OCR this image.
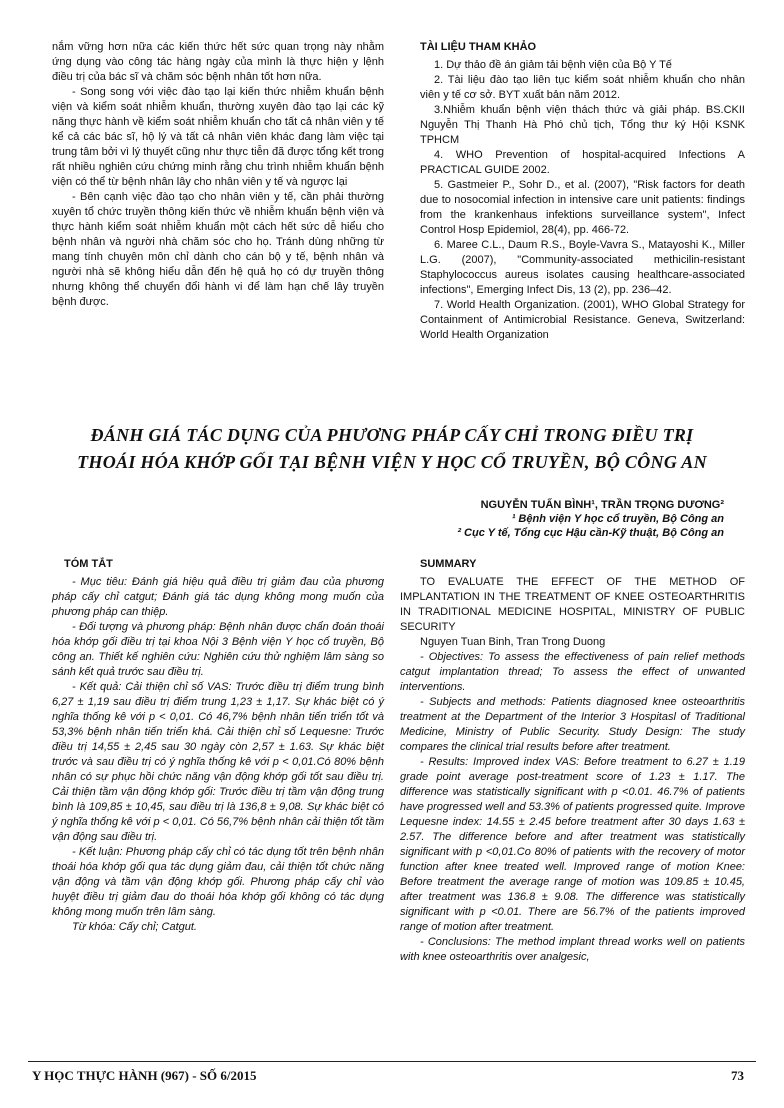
nắm vững hơn nữa các kiến thức hết sức quan trọng này nhằm ứng dụng vào công tác hàng ngày của mình là thực hiện y lệnh điều trị của bác sĩ và chăm sóc bệnh nhân tốt hơn nữa.

- Song song với việc đào tạo lại kiến thức nhiễm khuẩn bệnh viện và kiểm soát nhiễm khuẩn, thường xuyên đào tạo lại các kỹ năng thực hành về kiểm soát nhiễm khuẩn cho tất cả nhân viên y tế kể cả các bác sĩ, hộ lý và tất cả nhân viên khác đang làm việc tại trung tâm bởi vì lý thuyết cũng như thực tiễn đã được tổng kết trong rất nhiều nghiên cứu chứng minh rằng chu trình nhiễm khuẩn bệnh viện có thể từ bệnh nhân lây cho nhân viên y tế và ngược lại

- Bên cạnh việc đào tạo cho nhân viên y tế, cần phải thường xuyên tổ chức truyền thông kiến thức về nhiễm khuẩn bệnh viện và thực hành kiểm soát nhiễm khuẩn một cách hết sức dễ hiểu cho bệnh nhân và người nhà chăm sóc cho họ. Tránh dùng những từ mang tính chuyên môn chỉ dành cho cán bộ y tế, bệnh nhân và người nhà sẽ không hiểu dẫn đến hệ quả họ có dự truyền thông nhưng không thể chuyển đổi hành vi để làm hạn chế lây truyền bệnh được.

TÀI LIỆU THAM KHẢO

1. Dự thảo đề án giảm tải bệnh viện của Bộ Y Tế

2. Tài liệu đào tạo liên tục kiểm soát nhiễm khuẩn cho nhân viên y tế cơ sở. BYT xuất bản năm 2012.

3.Nhiễm khuẩn bệnh viện thách thức và giải pháp. BS.CKII Nguyễn Thị Thanh Hà Phó chủ tịch, Tổng thư ký Hội KSNK TPHCM

4. WHO Prevention of hospital-acquired Infections A PRACTICAL GUIDE 2002.

5. Gastmeier P., Sohr D., et al. (2007), "Risk factors for death due to nosocomial infection in intensive care unit patients: findings from the krankenhaus infektions surveillance system", Infect Control Hosp Epidemiol, 28(4), pp. 466-72.

6. Maree C.L., Daum R.S., Boyle-Vavra S., Matayoshi K., Miller L.G. (2007), "Community-associated methicilin-resistant Staphylococcus aureus isolates causing healthcare-associated infections", Emerging Infect Dis, 13 (2), pp. 236–42.

7. World Health Organization. (2001), WHO Global Strategy for Containment of Antimicrobial Resistance. Geneva, Switzerland: World Health Organization

ĐÁNH GIÁ TÁC DỤNG CỦA PHƯƠNG PHÁP CẤY CHỈ TRONG ĐIỀU TRỊ
THOÁI HÓA KHỚP GỐI TẠI BỆNH VIỆN Y HỌC CỔ TRUYỀN, BỘ CÔNG AN
NGUYỄN TUẤN BÌNH¹, TRẦN TRỌNG DƯƠNG²
¹ Bệnh viện Y học cổ truyền, Bộ Công an
² Cục Y tế, Tổng cục Hậu cần-Kỹ thuật, Bộ Công an
TÓM TẮT

- Mục tiêu: Đánh giá hiệu quả điều trị giảm đau của phương pháp cấy chỉ catgut; Đánh giá tác dụng không mong muốn của phương pháp can thiệp.

- Đối tượng và phương pháp: Bệnh nhân được chẩn đoán thoái hóa khớp gối điều trị tại khoa Nội 3 Bệnh viện Y học cổ truyền, Bộ công an. Thiết kế nghiên cứu: Nghiên cứu thử nghiệm lâm sàng so sánh kết quả trước sau điều trị.

- Kết quả: Cải thiện chỉ số VAS: Trước điều trị điểm trung bình 6,27 ± 1,19 sau điều trị điểm trung 1,23 ± 1,17. Sự khác biệt có ý nghĩa thống kê với p < 0,01. Có 46,7% bệnh nhân tiến triển tốt và 53,3% bệnh nhân tiến triển khá. Cải thiện chỉ số Lequesne: Trước điều trị 14,55 ± 2,45 sau 30 ngày còn 2,57 ± 1.63. Sự khác biệt trước và sau điều trị có ý nghĩa thống kê với p < 0,01.Có 80% bệnh nhân có sự phục hồi chức năng vận động khớp gối tốt sau điều trị. Cải thiện tầm vận động khớp gối: Trước điều trị tầm vận động trung bình là 109,85 ± 10,45, sau điều trị là 136,8 ± 9,08. Sự khác biệt có ý nghĩa thống kê với p < 0,01. Có 56,7% bệnh nhân cải thiện tốt tầm vận động sau điều trị.

- Kết luận: Phương pháp cấy chỉ có tác dụng tốt trên bệnh nhân thoái hóa khớp gối qua tác dụng giảm đau, cải thiện tốt chức năng vận động và tầm vận động khớp gối. Phương pháp cấy chỉ vào huyệt điều trị giảm đau do thoái hóa khớp gối không có tác dụng không mong muốn trên lâm sàng.

Từ khóa: Cấy chỉ; Catgut.

SUMMARY

TO EVALUATE THE EFFECT OF THE METHOD OF IMPLANTATION IN THE TREATMENT OF KNEE OSTEOARTHRITIS IN TRADITIONAL MEDICINE HOSPITAL, MINISTRY OF PUBLIC SECURITY

Nguyen Tuan Binh, Tran Trong Duong

- Objectives: To assess the effectiveness of pain relief methods catgut implantation thread; To assess the effect of unwanted interventions.

- Subjects and methods: Patients diagnosed knee osteoarthritis treatment at the Department of the Interior 3 Hospitasl of Traditional Medicine, Ministry of Public Security. Study Design: The study compares the clinical trial results before after treatment.

- Results: Improved index VAS: Before treatment to 6.27 ± 1.19 grade point average post-treatment score of 1.23 ± 1.17. The difference was statistically significant with p <0.01. 46.7% of patients have progressed well and 53.3% of patients progressed quite. Improve Lequesne index: 14.55 ± 2.45 before treatment after 30 days 1.63 ± 2.57. The difference before and after treatment was statistically significant with p <0,01.Co 80% of patients with the recovery of motor function after knee treated well. Improved range of motion Knee: Before treatment the average range of motion was 109.85 ± 10.45, after treatment was 136.8 ± 9.08. The difference was statistically significant with p <0.01. There are 56.7% of the patients improved range of motion after treatment.

- Conclusions: The method implant thread works well on patients with knee osteoarthritis over analgesic,

Y HỌC THỰC HÀNH (967) - SỐ 6/2015	73
